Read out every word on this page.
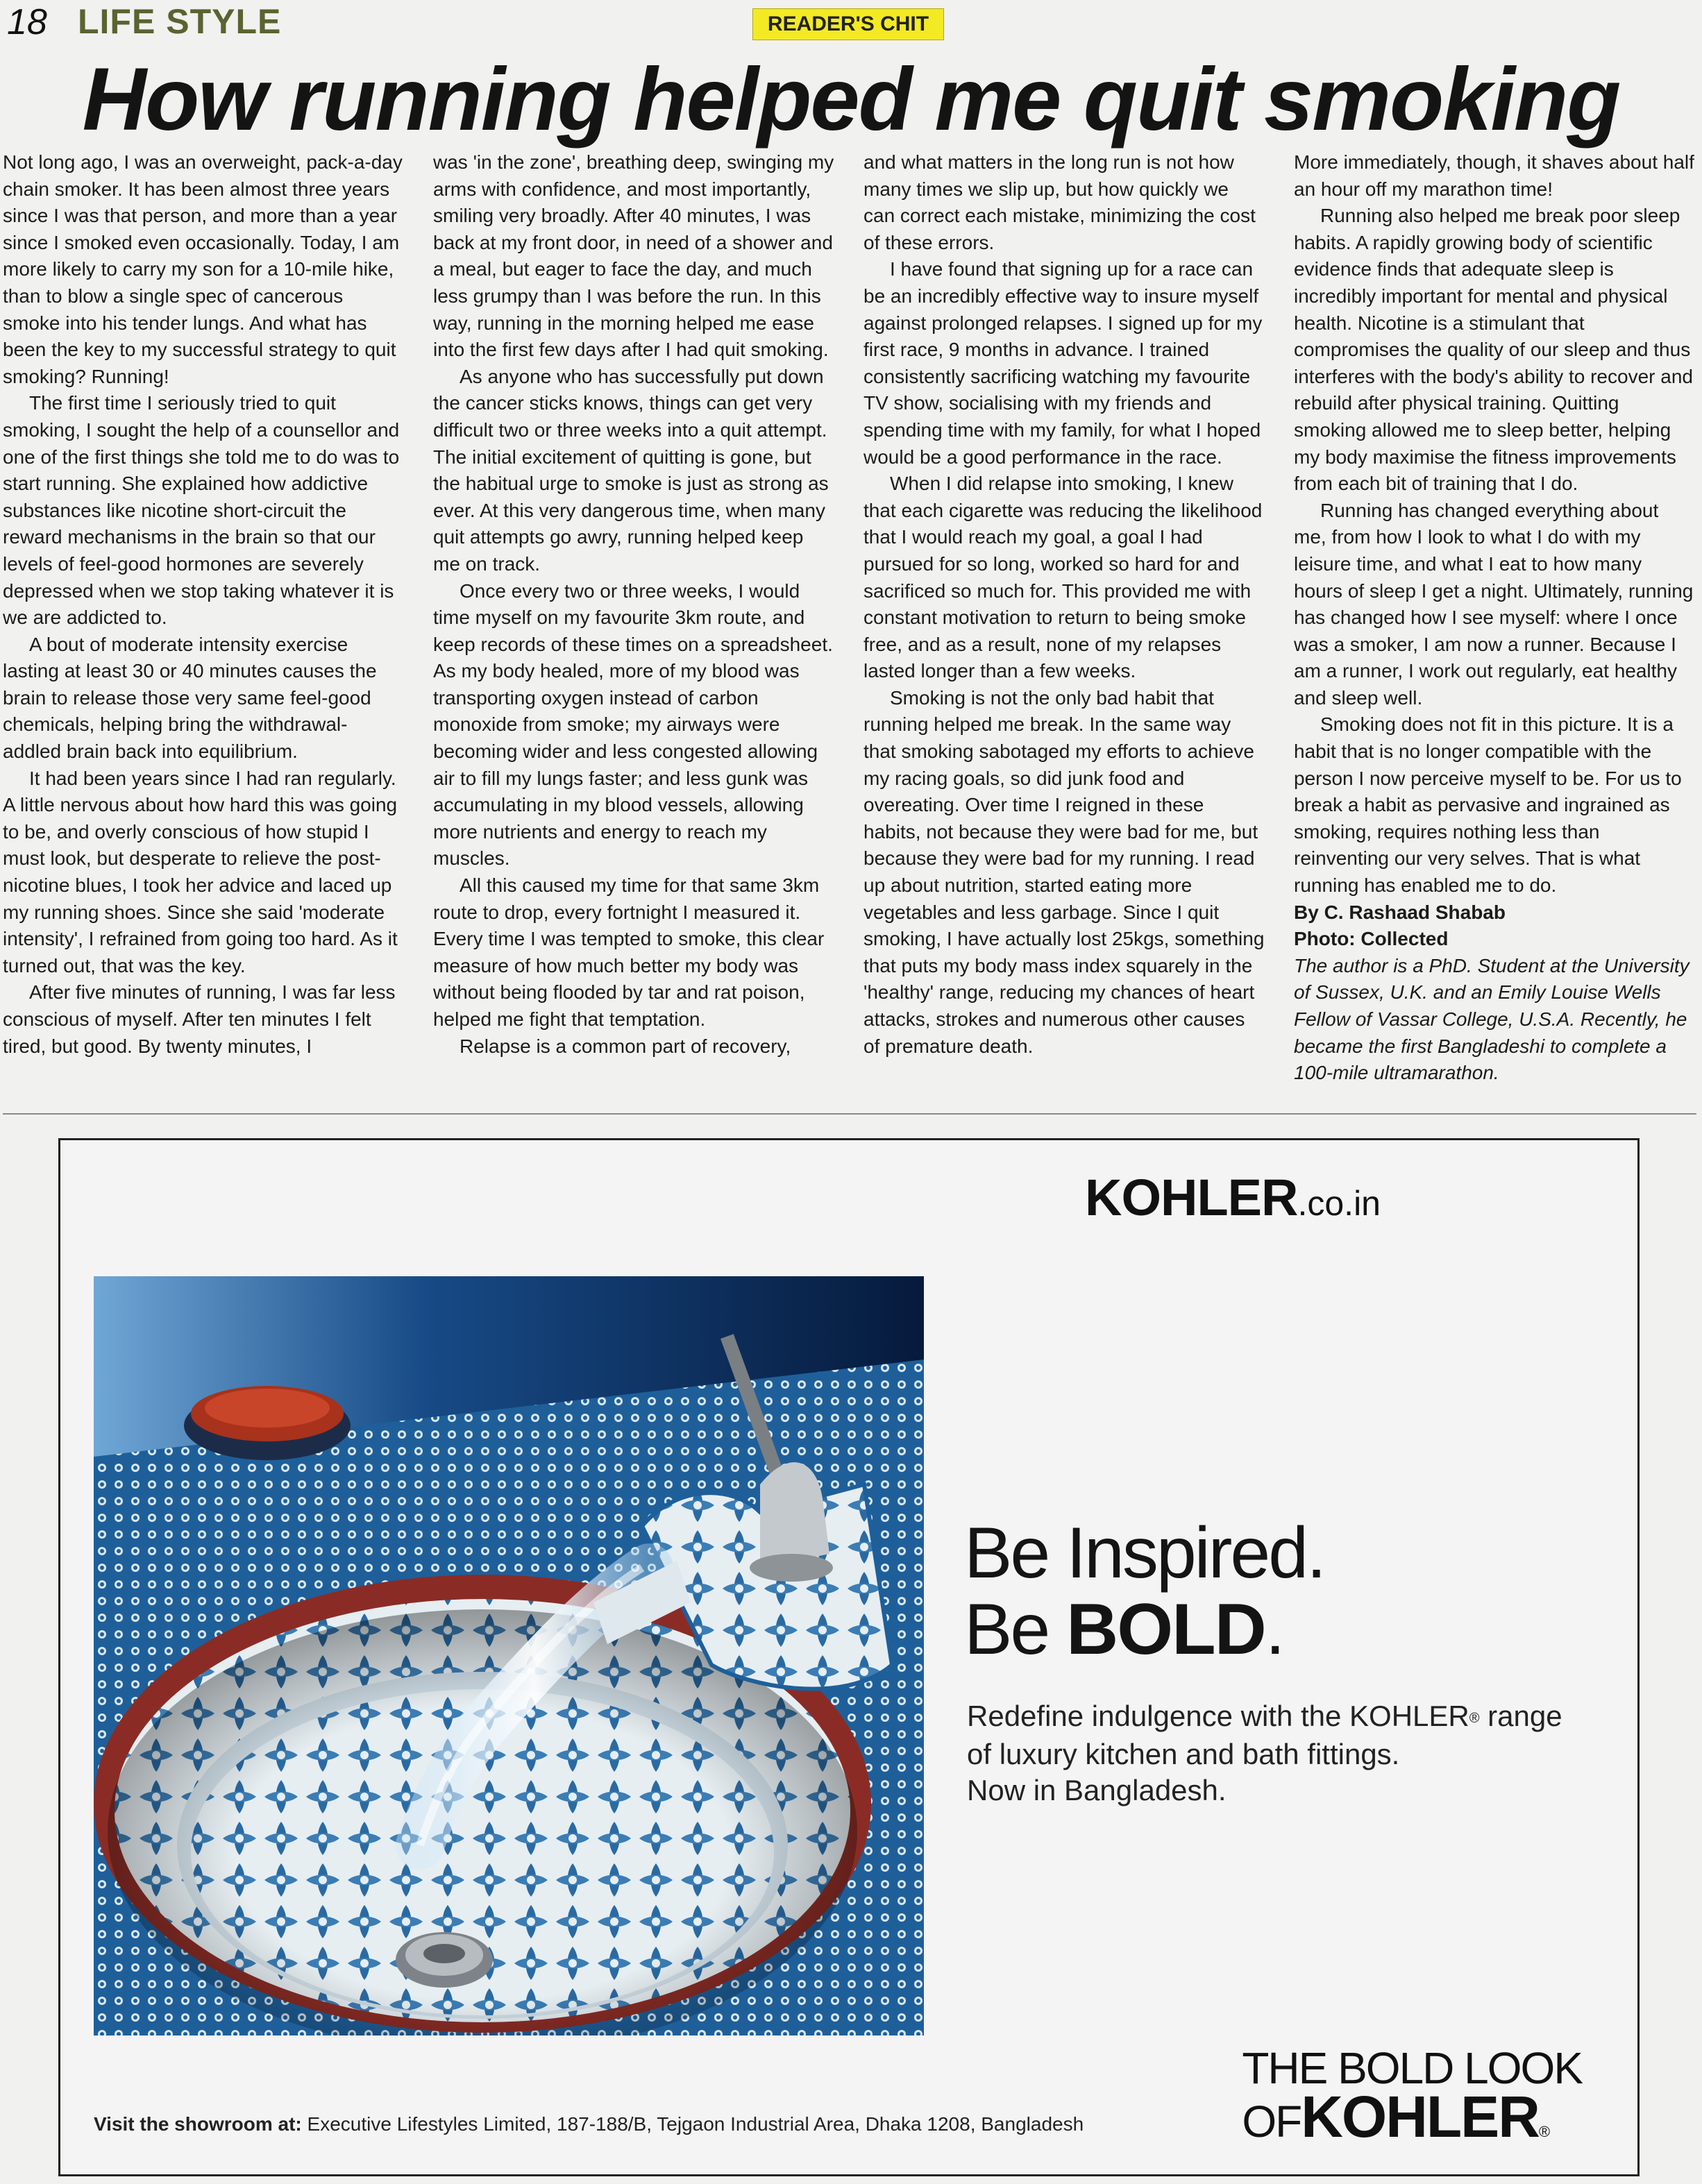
18 LIFE STYLE	READER'S CHIT
How running helped me quit smoking

Not long ago, I was an overweight, pack-a-day chain smoker. It has been almost three years since I was that person, and more than a year since I smoked even occasionally. Today, I am more likely to carry my son for a 10-mile hike, than to blow a single spec of cancerous smoke into his tender lungs. And what has been the key to my successful strategy to quit smoking? Running!

The first time I seriously tried to quit smoking, I sought the help of a counsellor and one of the first things she told me to do was to start running. She explained how addictive substances like nicotine short-circuit the reward mechanisms in the brain so that our levels of feel-good hormones are severely depressed when we stop taking whatever it is we are addicted to.

A bout of moderate intensity exercise lasting at least 30 or 40 minutes causes the brain to release those very same feel-good chemicals, helping bring the withdrawal-addled brain back into equilibrium.

It had been years since I had ran regularly. A little nervous about how hard this was going to be, and overly conscious of how stupid I must look, but desperate to relieve the post-nicotine blues, I took her advice and laced up my running shoes. Since she said 'moderate intensity', I refrained from going too hard. As it turned out, that was the key.

After five minutes of running, I was far less conscious of myself. After ten minutes I felt tired, but good. By twenty minutes, I

was 'in the zone', breathing deep, swinging my arms with confidence, and most importantly, smiling very broadly. After 40 minutes, I was back at my front door, in need of a shower and a meal, but eager to face the day, and much less grumpy than I was before the run. In this way, running in the morning helped me ease into the first few days after I had quit smoking.

As anyone who has successfully put down the cancer sticks knows, things can get very difficult two or three weeks into a quit attempt. The initial excitement of quitting is gone, but the habitual urge to smoke is just as strong as ever. At this very dangerous time, when many quit attempts go awry, running helped keep me on track.

Once every two or three weeks, I would time myself on my favourite 3km route, and keep records of these times on a spreadsheet. As my body healed, more of my blood was transporting oxygen instead of carbon monoxide from smoke; my airways were becoming wider and less congested allowing air to fill my lungs faster; and less gunk was accumulating in my blood vessels, allowing more nutrients and energy to reach my muscles.

All this caused my time for that same 3km route to drop, every fortnight I measured it. Every time I was tempted to smoke, this clear measure of how much better my body was without being flooded by tar and rat poison, helped me fight that temptation.

Relapse is a common part of recovery,

and what matters in the long run is not how many times we slip up, but how quickly we can correct each mistake, minimizing the cost of these errors.

I have found that signing up for a race can be an incredibly effective way to insure myself against prolonged relapses. I signed up for my first race, 9 months in advance. I trained consistently sacrificing watching my favourite TV show, socialising with my friends and spending time with my family, for what I hoped would be a good performance in the race.

When I did relapse into smoking, I knew that each cigarette was reducing the likelihood that I would reach my goal, a goal I had pursued for so long, worked so hard for and sacrificed so much for. This provided me with constant motivation to return to being smoke free, and as a result, none of my relapses lasted longer than a few weeks.

Smoking is not the only bad habit that running helped me break. In the same way that smoking sabotaged my efforts to achieve my racing goals, so did junk food and overeating. Over time I reigned in these habits, not because they were bad for me, but because they were bad for my running. I read up about nutrition, started eating more vegetables and less garbage. Since I quit smoking, I have actually lost 25kgs, something that puts my body mass index squarely in the 'healthy' range, reducing my chances of heart attacks, strokes and numerous other causes of premature death.

More immediately, though, it shaves about half an hour off my marathon time!

Running also helped me break poor sleep habits. A rapidly growing body of scientific evidence finds that adequate sleep is incredibly important for mental and physical health. Nicotine is a stimulant that compromises the quality of our sleep and thus interferes with the body's ability to recover and rebuild after physical training. Quitting smoking allowed me to sleep better, helping my body maximise the fitness improvements from each bit of training that I do.

Running has changed everything about me, from how I look to what I do with my leisure time, and what I eat to how many hours of sleep I get a night. Ultimately, running has changed how I see myself: where I once was a smoker, I am now a runner. Because I am a runner, I work out regularly, eat healthy and sleep well.

Smoking does not fit in this picture. It is a habit that is no longer compatible with the person I now perceive myself to be. For us to break a habit as pervasive and ingrained as smoking, requires nothing less than reinventing our very selves. That is what running has enabled me to do.

By C. Rashaad Shabab

Photo: Collected

The author is a PhD. Student at the University of Sussex, U.K. and an Emily Louise Wells Fellow of Vassar College, U.S.A. Recently, he became the first Bangladeshi to complete a 100-mile ultramarathon.

KOHLER.co.in
Be Inspired.
Be BOLD.
Redefine indulgence with the KOHLER® range of luxury kitchen and bath fittings.
Now in Bangladesh.
Visit the showroom at: Executive Lifestyles Limited, 187-188/B, Tejgaon Industrial Area, Dhaka 1208, Bangladesh
THE BOLD LOOK
OFKOHLER®
